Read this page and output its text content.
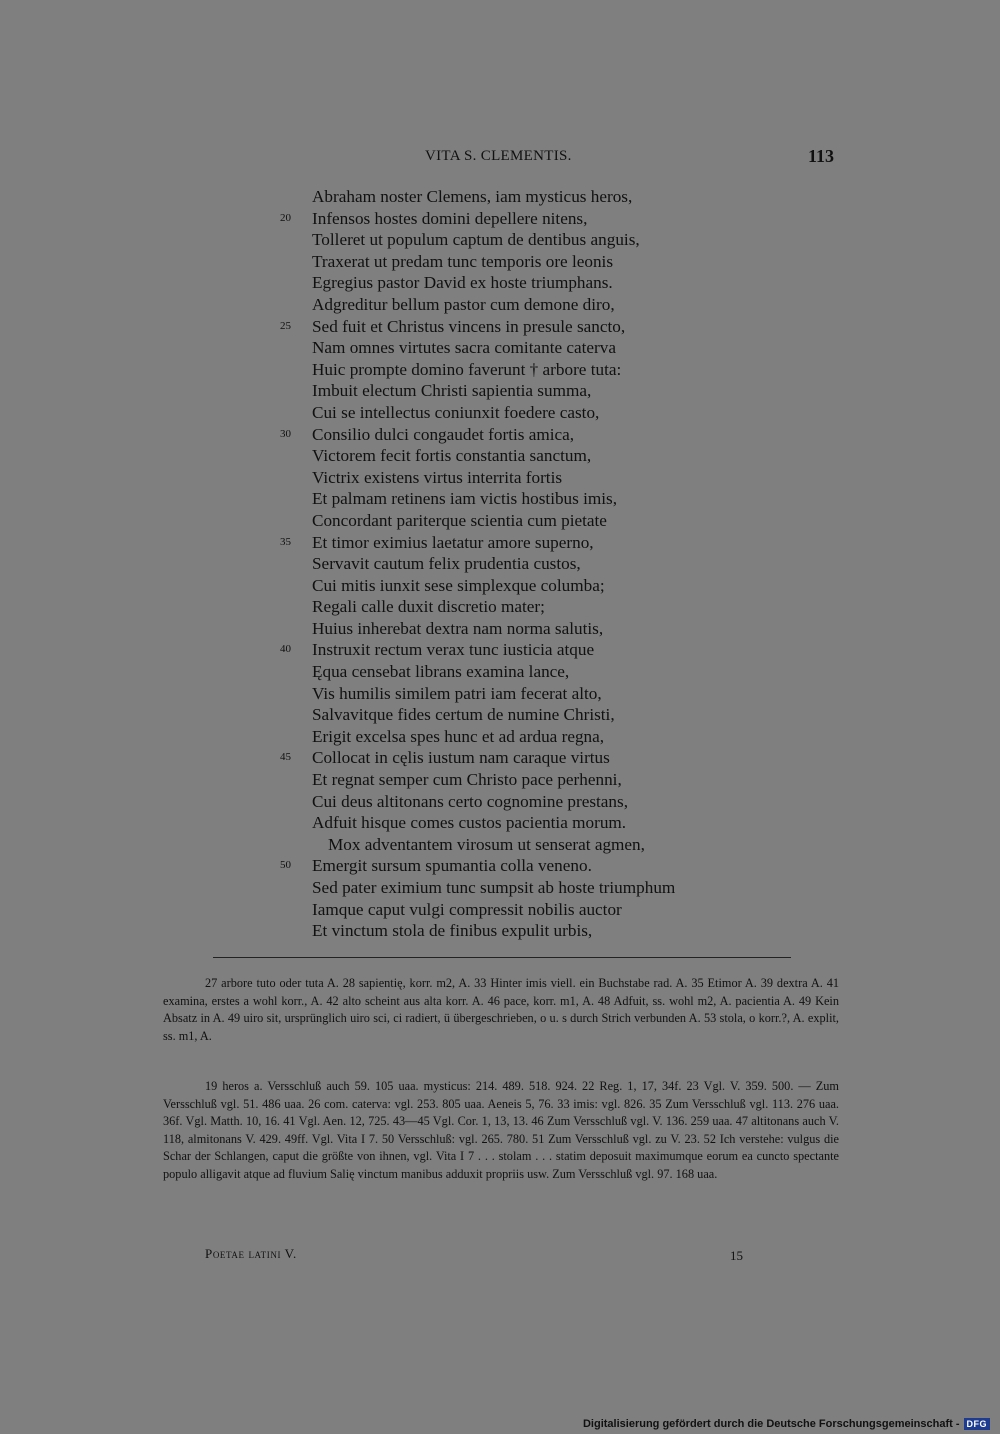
VITA S. CLEMENTIS.	113
Abraham noster Clemens, iam mysticus heros,
20	Infensos hostes domini depellere nitens,
Tolleret ut populum captum de dentibus anguis,
Traxerat ut predam tunc temporis ore leonis
Egregius pastor David ex hoste triumphans.
Adgreditur bellum pastor cum demone diro,
25	Sed fuit et Christus vincens in presule sancto,
Nam omnes virtutes sacra comitante caterva
Huic prompte domino faverunt † arbore tuta:
Imbuit electum Christi sapientia summa,
Cui se intellectus coniunxit foedere casto,
30	Consilio dulci congaudet fortis amica,
Victorem fecit fortis constantia sanctum,
Victrix existens virtus interrita fortis
Et palmam retinens iam victis hostibus imis,
Concordant pariterque scientia cum pietate
35	Et timor eximius laetatur amore superno,
Servavit cautum felix prudentia custos,
Cui mitis iunxit sese simplexque columba;
Regali calle duxit discretio mater;
Huius inherebat dextra nam norma salutis,
40	Instruxit rectum verax tunc iusticia atque
Ęqua censebat librans examina lance,
Vis humilis similem patri iam fecerat alto,
Salvavitque fides certum de numine Christi,
Erigit excelsa spes hunc et ad ardua regna,
45	Collocat in cęlis iustum nam caraque virtus
Et regnat semper cum Christo pace perhenni,
Cui deus altitonans certo cognomine prestans,
Adfuit hisque comes custos pacientia morum.
Mox adventantem virosum ut senserat agmen,
50	Emergit sursum spumantia colla veneno.
Sed pater eximium tunc sumpsit ab hoste triumphum
Iamque caput vulgi compressit nobilis auctor
Et vinctum stola de finibus expulit urbis,

27 arbore tuto oder tuta A. 28 sapientię, korr. m2, A. 33 Hinter imis viell. ein Buchstabe rad. A. 35 Etimor A. 39 dextra A. 41 examina, erstes a wohl korr., A. 42 alto scheint aus alta korr. A. 46 pace, korr. m1, A. 48 Adfuit, ss. wohl m2, A. pacientia A. 49 Kein Absatz in A. 49 uiro sit, ursprünglich uiro sci, ci radiert, ü übergeschrieben, o u. s durch Strich verbunden A. 53 stola, o korr.?, A. explit, ss. m1, A.

19 heros a. Versschluß auch 59. 105 uaa. mysticus: 214. 489. 518. 924. 22 Reg. 1, 17, 34f. 23 Vgl. V. 359. 500. — Zum Versschluß vgl. 51. 486 uaa. 26 com. caterva: vgl. 253. 805 uaa. Aeneis 5, 76. 33 imis: vgl. 826. 35 Zum Versschluß vgl. 113. 276 uaa. 36f. Vgl. Matth. 10, 16. 41 Vgl. Aen. 12, 725. 43—45 Vgl. Cor. 1, 13, 13. 46 Zum Versschluß vgl. V. 136. 259 uaa. 47 altitonans auch V. 118, almitonans V. 429. 49ff. Vgl. Vita I 7. 50 Versschluß: vgl. 265. 780. 51 Zum Versschluß vgl. zu V. 23. 52 Ich verstehe: vulgus die Schar der Schlangen, caput die größte von ihnen, vgl. Vita I 7 . . . stolam . . . statim deposuit maximumque eorum ea cuncto spectante populo alligavit atque ad fluvium Salię vinctum manibus adduxit propriis usw. Zum Versschluß vgl. 97. 168 uaa.

Poetae latini V.	15
Digitalisierung gefördert durch die Deutsche Forschungsgemeinschaft - DFG
